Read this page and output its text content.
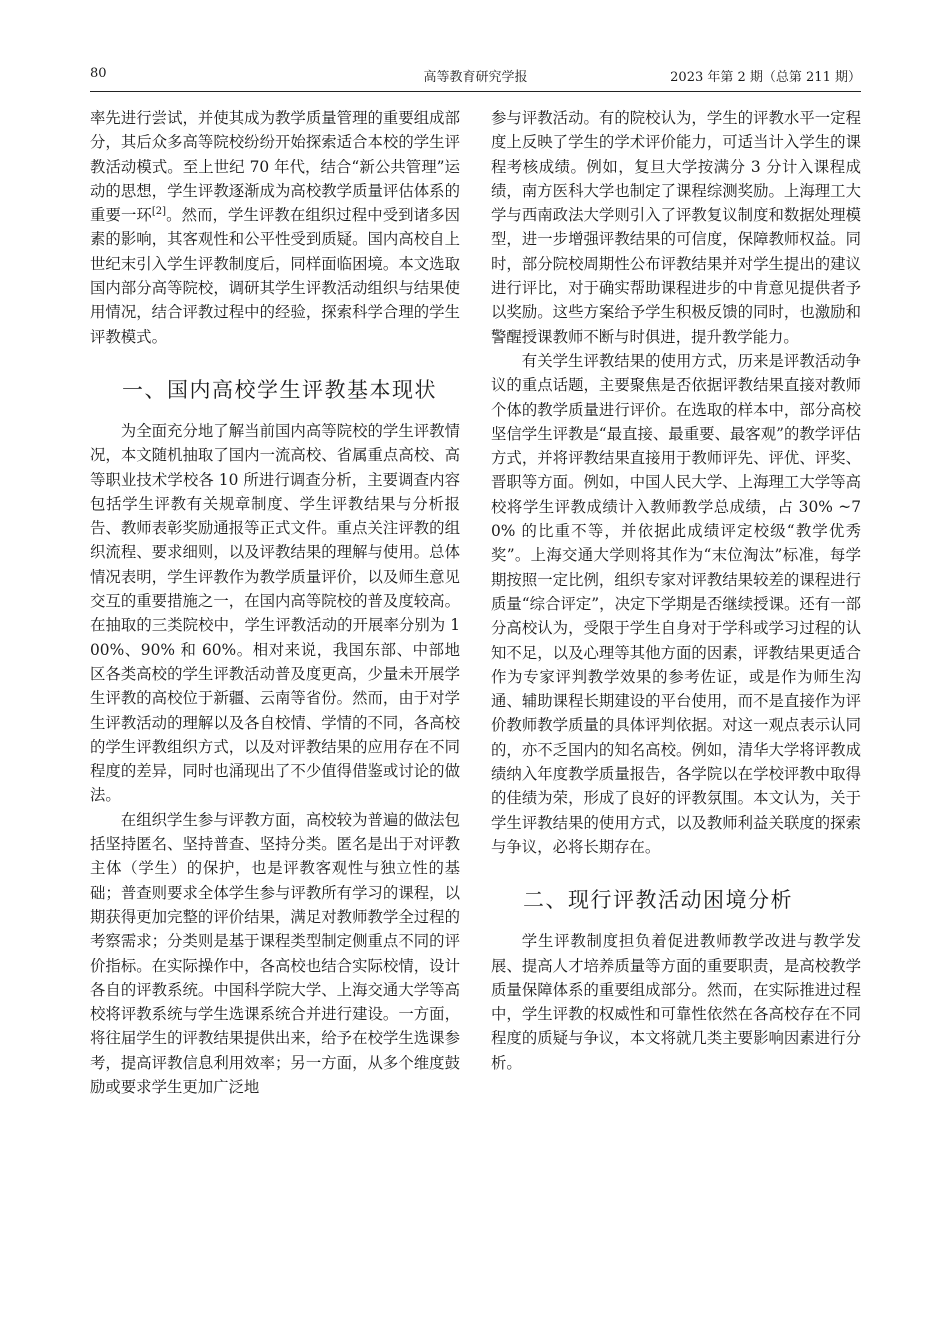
80	高等教育研究学报	2023 年第 2 期（总第 211 期）

率先进行尝试，并使其成为教学质量管理的重要组成部分，其后众多高等院校纷纷开始探索适合本校的学生评教活动模式。至上世纪 70 年代，结合“新公共管理”运动的思想，学生评教逐渐成为高校教学质量评估体系的重要一环[2]。然而，学生评教在组织过程中受到诸多因素的影响，其客观性和公平性受到质疑。国内高校自上世纪末引入学生评教制度后，同样面临困境。本文选取国内部分高等院校，调研其学生评教活动组织与结果使用情况，结合评教过程中的经验，探索科学合理的学生评教模式。

一、国内高校学生评教基本现状

为全面充分地了解当前国内高等院校的学生评教情况，本文随机抽取了国内一流高校、省属重点高校、高等职业技术学校各 10 所进行调查分析，主要调查内容包括学生评教有关规章制度、学生评教结果与分析报告、教师表彰奖励通报等正式文件。重点关注评教的组织流程、要求细则，以及评教结果的理解与使用。总体情况表明，学生评教作为教学质量评价，以及师生意见交互的重要措施之一，在国内高等院校的普及度较高。在抽取的三类院校中，学生评教活动的开展率分别为 100%、90% 和 60%。相对来说，我国东部、中部地区各类高校的学生评教活动普及度更高，少量未开展学生评教的高校位于新疆、云南等省份。然而，由于对学生评教活动的理解以及各自校情、学情的不同，各高校的学生评教组织方式，以及对评教结果的应用存在不同程度的差异，同时也涌现出了不少值得借鉴或讨论的做法。

在组织学生参与评教方面，高校较为普遍的做法包括坚持匿名、坚持普查、坚持分类。匿名是出于对评教主体（学生）的保护，也是评教客观性与独立性的基础；普查则要求全体学生参与评教所有学习的课程，以期获得更加完整的评价结果，满足对教师教学全过程的考察需求；分类则是基于课程类型制定侧重点不同的评价指标。在实际操作中，各高校也结合实际校情，设计各自的评教系统。中国科学院大学、上海交通大学等高校将评教系统与学生选课系统合并进行建设。一方面，将往届学生的评教结果提供出来，给予在校学生选课参考，提高评教信息利用效率；另一方面，从多个维度鼓励或要求学生更加广泛地

参与评教活动。有的院校认为，学生的评教水平一定程度上反映了学生的学术评价能力，可适当计入学生的课程考核成绩。例如，复旦大学按满分 3 分计入课程成绩，南方医科大学也制定了课程综测奖励。上海理工大学与西南政法大学则引入了评教复议制度和数据处理模型，进一步增强评教结果的可信度，保障教师权益。同时，部分院校周期性公布评教结果并对学生提出的建议进行评比，对于确实帮助课程进步的中肯意见提供者予以奖励。这些方案给予学生积极反馈的同时，也激励和警醒授课教师不断与时俱进，提升教学能力。

有关学生评教结果的使用方式，历来是评教活动争议的重点话题，主要聚焦是否依据评教结果直接对教师个体的教学质量进行评价。在选取的样本中，部分高校坚信学生评教是“最直接、最重要、最客观”的教学评估方式，并将评教结果直接用于教师评先、评优、评奖、晋职等方面。例如，中国人民大学、上海理工大学等高校将学生评教成绩计入教师教学总成绩，占 30% ~70% 的比重不等，并依据此成绩评定校级“教学优秀奖”。上海交通大学则将其作为“末位淘汰”标准，每学期按照一定比例，组织专家对评教结果较差的课程进行质量“综合评定”，决定下学期是否继续授课。还有一部分高校认为，受限于学生自身对于学科或学习过程的认知不足，以及心理等其他方面的因素，评教结果更适合作为专家评判教学效果的参考佐证，或是作为师生沟通、辅助课程长期建设的平台使用，而不是直接作为评价教师教学质量的具体评判依据。对这一观点表示认同的，亦不乏国内的知名高校。例如，清华大学将评教成绩纳入年度教学质量报告，各学院以在学校评教中取得的佳绩为荣，形成了良好的评教氛围。本文认为，关于学生评教结果的使用方式，以及教师利益关联度的探索与争议，必将长期存在。

二、现行评教活动困境分析

学生评教制度担负着促进教师教学改进与教学发展、提高人才培养质量等方面的重要职责，是高校教学质量保障体系的重要组成部分。然而，在实际推进过程中，学生评教的权威性和可靠性依然在各高校存在不同程度的质疑与争议，本文将就几类主要影响因素进行分析。
